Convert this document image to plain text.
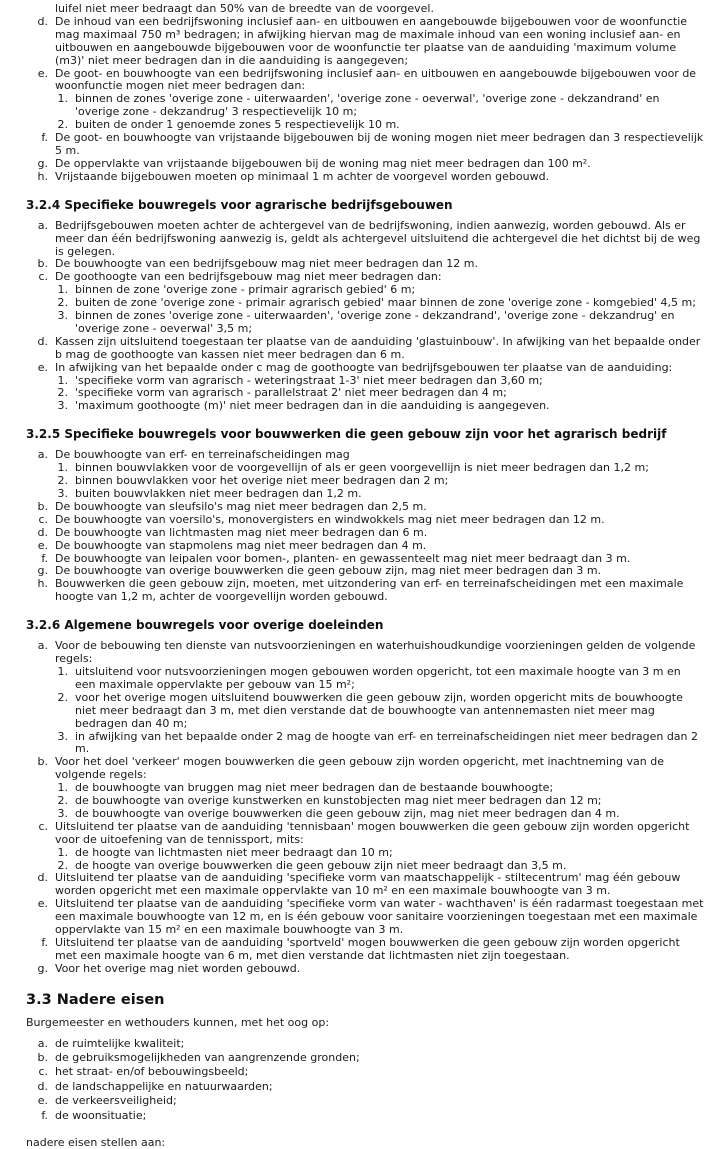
luifel niet meer bedraagt dan 50% van de breedte van de voorgevel.
d. De inhoud van een bedrijfswoning inclusief aan- en uitbouwen en aangebouwde bijgebouwen voor de woonfunctie mag maximaal 750 m³ bedragen; in afwijking hiervan mag de maximale inhoud van een woning inclusief aan- en uitbouwen en aangebouwde bijgebouwen voor de woonfunctie ter plaatse van de aanduiding 'maximum volume (m3)' niet meer bedragen dan in die aanduiding is aangegeven;
e. De goot- en bouwhoogte van een bedrijfswoning inclusief aan- en uitbouwen en aangebouwde bijgebouwen voor de woonfunctie mogen niet meer bedragen dan:
1. binnen de zones 'overige zone - uiterwaarden', 'overige zone - oeverwal', 'overige zone - dekzandrand' en 'overige zone - dekzandrug' 3 respectievelijk 10 m;
2. buiten de onder 1 genoemde zones 5 respectievelijk 10 m.
f. De goot- en bouwhoogte van vrijstaande bijgebouwen bij de woning mogen niet meer bedragen dan 3 respectievelijk 5 m.
g. De oppervlakte van vrijstaande bijgebouwen bij de woning mag niet meer bedragen dan 100 m².
h. Vrijstaande bijgebouwen moeten op minimaal 1 m achter de voorgevel worden gebouwd.
3.2.4 Specifieke bouwregels voor agrarische bedrijfsgebouwen
a. Bedrijfsgebouwen moeten achter de achtergevel van de bedrijfswoning, indien aanwezig, worden gebouwd. Als er meer dan één bedrijfswoning aanwezig is, geldt als achtergevel uitsluitend die achtergevel die het dichtst bij de weg is gelegen.
b. De bouwhoogte van een bedrijfsgebouw mag niet meer bedragen dan 12 m.
c. De goothoogte van een bedrijfsgebouw mag niet meer bedragen dan:
1. binnen de zone 'overige zone - primair agrarisch gebied' 6 m;
2. buiten de zone 'overige zone - primair agrarisch gebied' maar binnen de zone 'overige zone - komgebied' 4,5 m;
3. binnen de zones 'overige zone - uiterwaarden', 'overige zone - dekzandrand', 'overige zone - dekzandrug' en 'overige zone - oeverwal' 3,5 m;
d. Kassen zijn uitsluitend toegestaan ter plaatse van de aanduiding 'glastuinbouw'. In afwijking van het bepaalde onder b mag de goothoogte van kassen niet meer bedragen dan 6 m.
e. In afwijking van het bepaalde onder c mag de goothoogte van bedrijfsgebouwen ter plaatse van de aanduiding:
1. 'specifieke vorm van agrarisch - weteringstraat 1-3' niet meer bedragen dan 3,60 m;
2. 'specifieke vorm van agrarisch - parallelstraat 2' niet meer bedragen dan 4 m;
3. 'maximum goothoogte (m)' niet meer bedragen dan in die aanduiding is aangegeven.
3.2.5 Specifieke bouwregels voor bouwwerken die geen gebouw zijn voor het agrarisch bedrijf
a. De bouwhoogte van erf- en terreinafscheidingen mag
1. binnen bouwvlakken voor de voorgevellijn of als er geen voorgevellijn is niet meer bedragen dan 1,2 m;
2. binnen bouwvlakken voor het overige niet meer bedragen dan 2 m;
3. buiten bouwvlakken niet meer bedragen dan 1,2 m.
b. De bouwhoogte van sleufsilo's mag niet meer bedragen dan 2,5 m.
c. De bouwhoogte van voersilo's, monovergisters en windwokkels mag niet meer bedragen dan 12 m.
d. De bouwhoogte van lichtmasten mag niet meer bedragen dan 6 m.
e. De bouwhoogte van stapmolens mag niet meer bedragen dan 4 m.
f. De bouwhoogte van leipalen voor bomen-, planten- en gewassenteelt mag niet meer bedraagt dan 3 m.
g. De bouwhoogte van overige bouwwerken die geen gebouw zijn, mag niet meer bedragen dan 3 m.
h. Bouwwerken die geen gebouw zijn, moeten, met uitzondering van erf- en terreinafscheidingen met een maximale hoogte van 1,2 m, achter de voorgevellijn worden gebouwd.
3.2.6 Algemene bouwregels voor overige doeleinden
a. Voor de bebouwing ten dienste van nutsvoorzieningen en waterhuishoudkundige voorzieningen gelden de volgende regels:
1. uitsluitend voor nutsvoorzieningen mogen gebouwen worden opgericht, tot een maximale hoogte van 3 m en een maximale oppervlakte per gebouw van 15 m²;
2. voor het overige mogen uitsluitend bouwwerken die geen gebouw zijn, worden opgericht mits de bouwhoogte niet meer bedraagt dan 3 m, met dien verstande dat de bouwhoogte van antennemasten niet meer mag bedragen dan 40 m;
3. in afwijking van het bepaalde onder 2 mag de hoogte van erf- en terreinafscheidingen niet meer bedragen dan 2 m.
b. Voor het doel 'verkeer' mogen bouwwerken die geen gebouw zijn worden opgericht, met inachtneming van de volgende regels:
1. de bouwhoogte van bruggen mag niet meer bedragen dan de bestaande bouwhoogte;
2. de bouwhoogte van overige kunstwerken en kunstobjecten mag niet meer bedragen dan 12 m;
3. de bouwhoogte van overige bouwwerken die geen gebouw zijn, mag niet meer bedragen dan 4 m.
c. Uitsluitend ter plaatse van de aanduiding 'tennisbaan' mogen bouwwerken die geen gebouw zijn worden opgericht voor de uitoefening van de tennissport, mits:
1. de hoogte van lichtmasten niet meer bedraagt dan 10 m;
2. de hoogte van overige bouwwerken die geen gebouw zijn niet meer bedraagt dan 3,5 m.
d. Uitsluitend ter plaatse van de aanduiding 'specifieke vorm van maatschappelijk - stiltecentrum' mag één gebouw worden opgericht met een maximale oppervlakte van 10 m² en een maximale bouwhoogte van 3 m.
e. Uitsluitend ter plaatse van de aanduiding 'specifieke vorm van water - wachthaven' is één radarmast toegestaan met een maximale bouwhoogte van 12 m, en is één gebouw voor sanitaire voorzieningen toegestaan met een maximale oppervlakte van 15 m² en een maximale bouwhoogte van 3 m.
f. Uitsluitend ter plaatse van de aanduiding 'sportveld' mogen bouwwerken die geen gebouw zijn worden opgericht met een maximale hoogte van 6 m, met dien verstande dat lichtmasten niet zijn toegestaan.
g. Voor het overige mag niet worden gebouwd.
3.3 Nadere eisen
Burgemeester en wethouders kunnen, met het oog op:
a. de ruimtelijke kwaliteit;
b. de gebruiksmogelijkheden van aangrenzende gronden;
c. het straat- en/of bebouwingsbeeld;
d. de landschappelijke en natuurwaarden;
e. de verkeersveiligheid;
f. de woonsituatie;
nadere eisen stellen aan:
